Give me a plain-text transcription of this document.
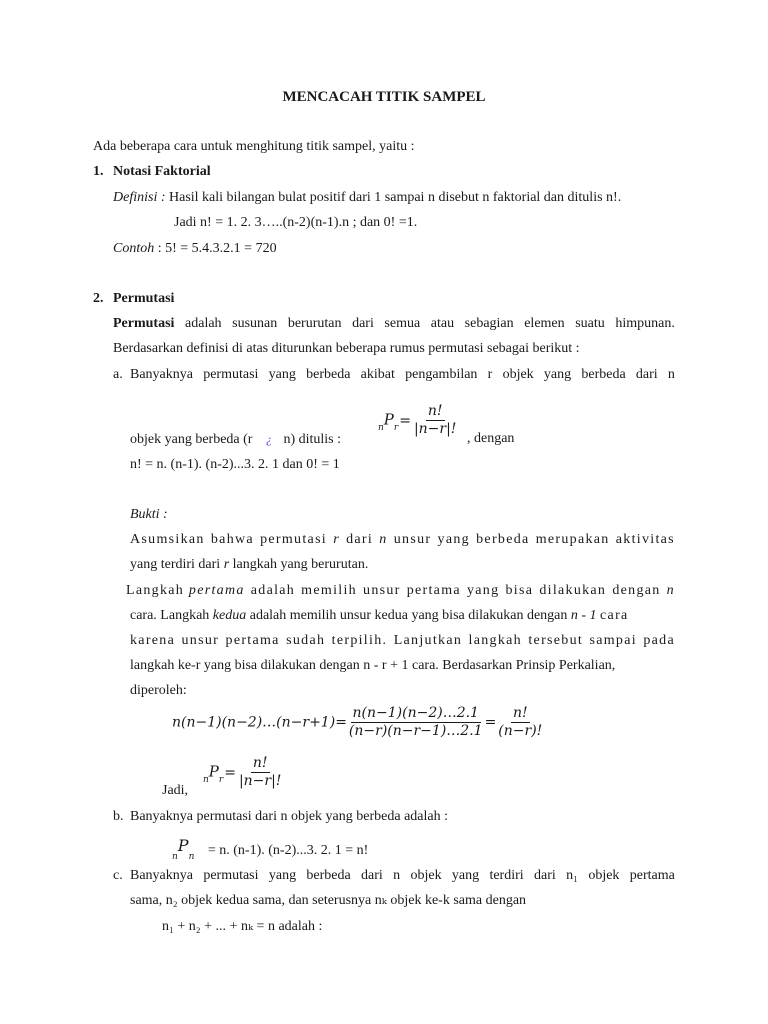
MENCACAH TITIK SAMPEL
Ada beberapa cara untuk menghitung titik sampel, yaitu :
1. Notasi Faktorial
Definisi : Hasil kali bilangan bulat positif dari 1 sampai n disebut n faktorial dan ditulis n!.
Jadi n! = 1. 2. 3…..(n-2)(n-1).n ; dan 0! =1.
Contoh : 5! = 5.4.3.2.1 = 720
2. Permutasi
Permutasi adalah susunan berurutan dari semua atau sebagian elemen suatu himpunan.
Berdasarkan definisi di atas diturunkan beberapa rumus permutasi sebagai berikut :
a. Banyaknya permutasi yang berbeda akibat pengambilan r objek yang berbeda dari n
objek yang berbeda (r ¿ n) ditulis :
$_nP_r= \frac{n!}{|n-r|!}$
, dengan
n! = n. (n-1). (n-2)...3. 2. 1 dan 0! = 1
Bukti :
Asumsikan bahwa permutasi r dari n unsur yang berbeda merupakan aktivitas
yang terdiri dari r langkah yang berurutan.
Langkah pertama adalah memilih unsur pertama yang bisa dilakukan dengan n
cara. Langkah kedua adalah memilih unsur kedua yang bisa dilakukan dengan n - 1 cara
karena unsur pertama sudah terpilih. Lanjutkan langkah tersebut sampai pada
langkah ke-r yang bisa dilakukan dengan n - r + 1 cara. Berdasarkan Prinsip Perkalian,
diperoleh:
n(n−1)(n−2)…(n−r+1)= $\frac{n(n-1)(n-2)\dots 2.1}{(n-r)(n-r-1)\dots 2.1} = \frac{n!}{(n-r)!}$
Jadi,
$_nP_r= \frac{n!}{|n-r|!}$
b. Banyaknya permutasi dari n objek yang berbeda adalah :
$_nP_n = n$. (n-1). (n-2)...3. 2. 1 = n!
c. Banyaknya permutasi yang berbeda dari n objek yang terdiri dari n₁ objek pertama
sama, n₂ objek kedua sama, dan seterusnya nₖ objek ke-k sama dengan
n₁ + n₂ + ... + nₖ = n adalah :
